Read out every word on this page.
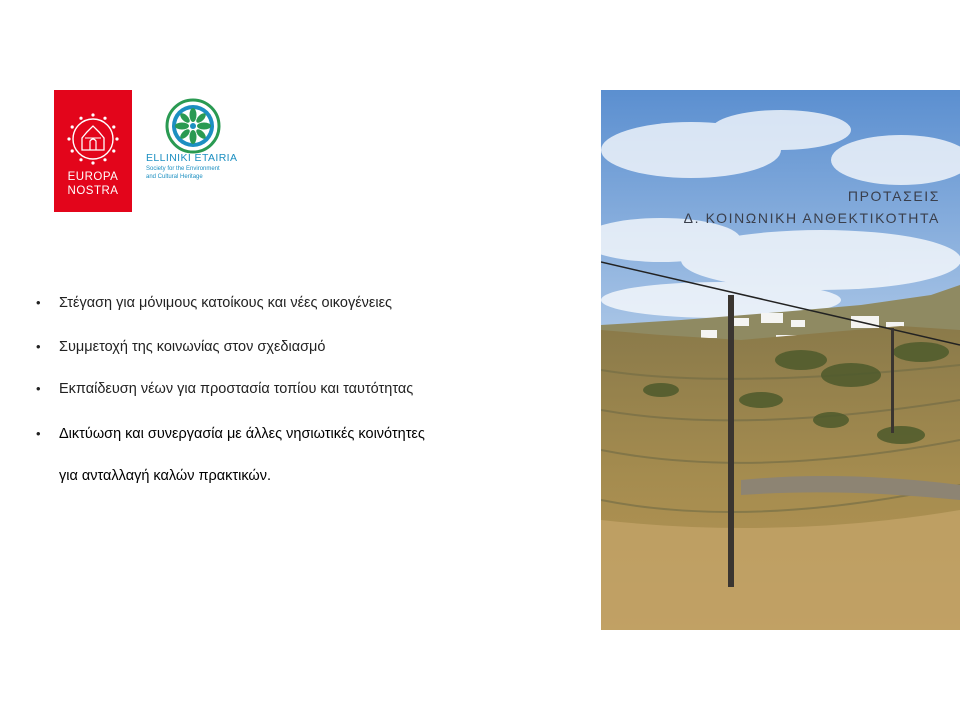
EUROPA
NOSTRA
ELLINIKI ETAIRIA
Society for the Environment
and Cultural Heritage
• Στέγαση για μόνιμους κατοίκους και νέες οικογένειες
• Συμμετοχή της κοινωνίας στον σχεδιασμό
• Εκπαίδευση νέων για προστασία τοπίου και ταυτότητας
• Δικτύωση και συνεργασία με άλλες νησιωτικές κοινότητες
για ανταλλαγή καλών πρακτικών.
ΠΡΟΤΑΣΕΙΣ
Δ. ΚΟΙΝΩΝΙΚΗ ΑΝΘΕΚΤΙΚΟΤΗΤΑ
